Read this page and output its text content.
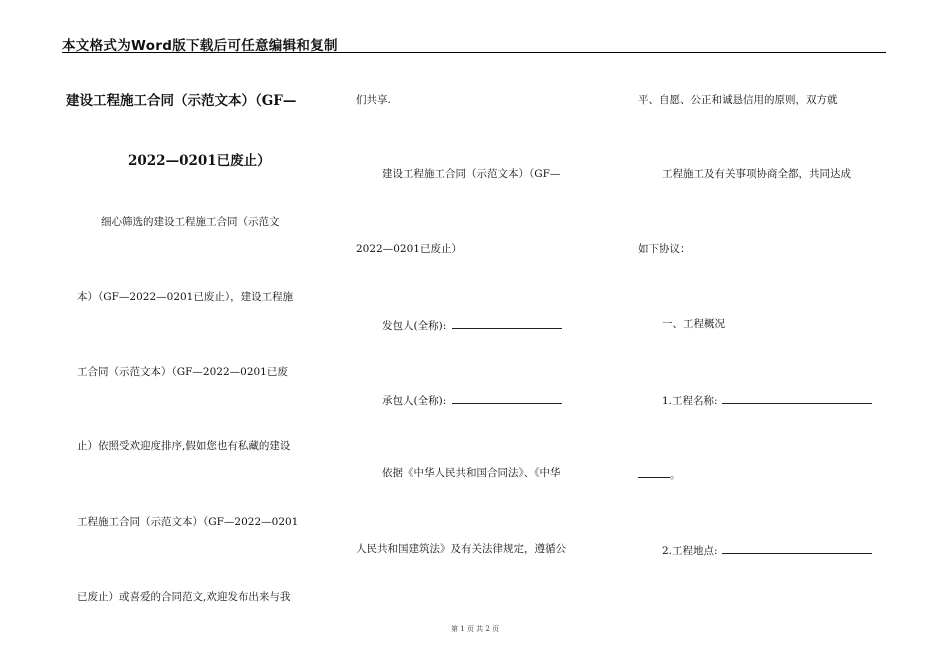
本文格式为Word版下载后可任意编辑和复制
建设工程施工合同（示范文本）（GF—
2022—0201已废止）
细心筛选的建设工程施工合同（示范文
本）（GF—2022—0201已废止），建设工程施
工合同（示范文本）（GF—2022—0201已废
止）依照受欢迎度排序,假如您也有私藏的建设
工程施工合同（示范文本）（GF—2022—0201
已废止）或喜爱的合同范文,欢迎发布出来与我
们共享.
建设工程施工合同（示范文本）（GF—
2022—0201已废止）
发包人(全称):
承包人(全称):
依据《中华人民共和国合同法》、《中华
人民共和国建筑法》及有关法律规定，遵循公
平、自愿、公正和诚恳信用的原则，双方就
工程施工及有关事项协商全都，共同达成
如下协议：
一、工程概况
1.工程名称:
。
2.工程地点:
第 1 页 共 2 页
